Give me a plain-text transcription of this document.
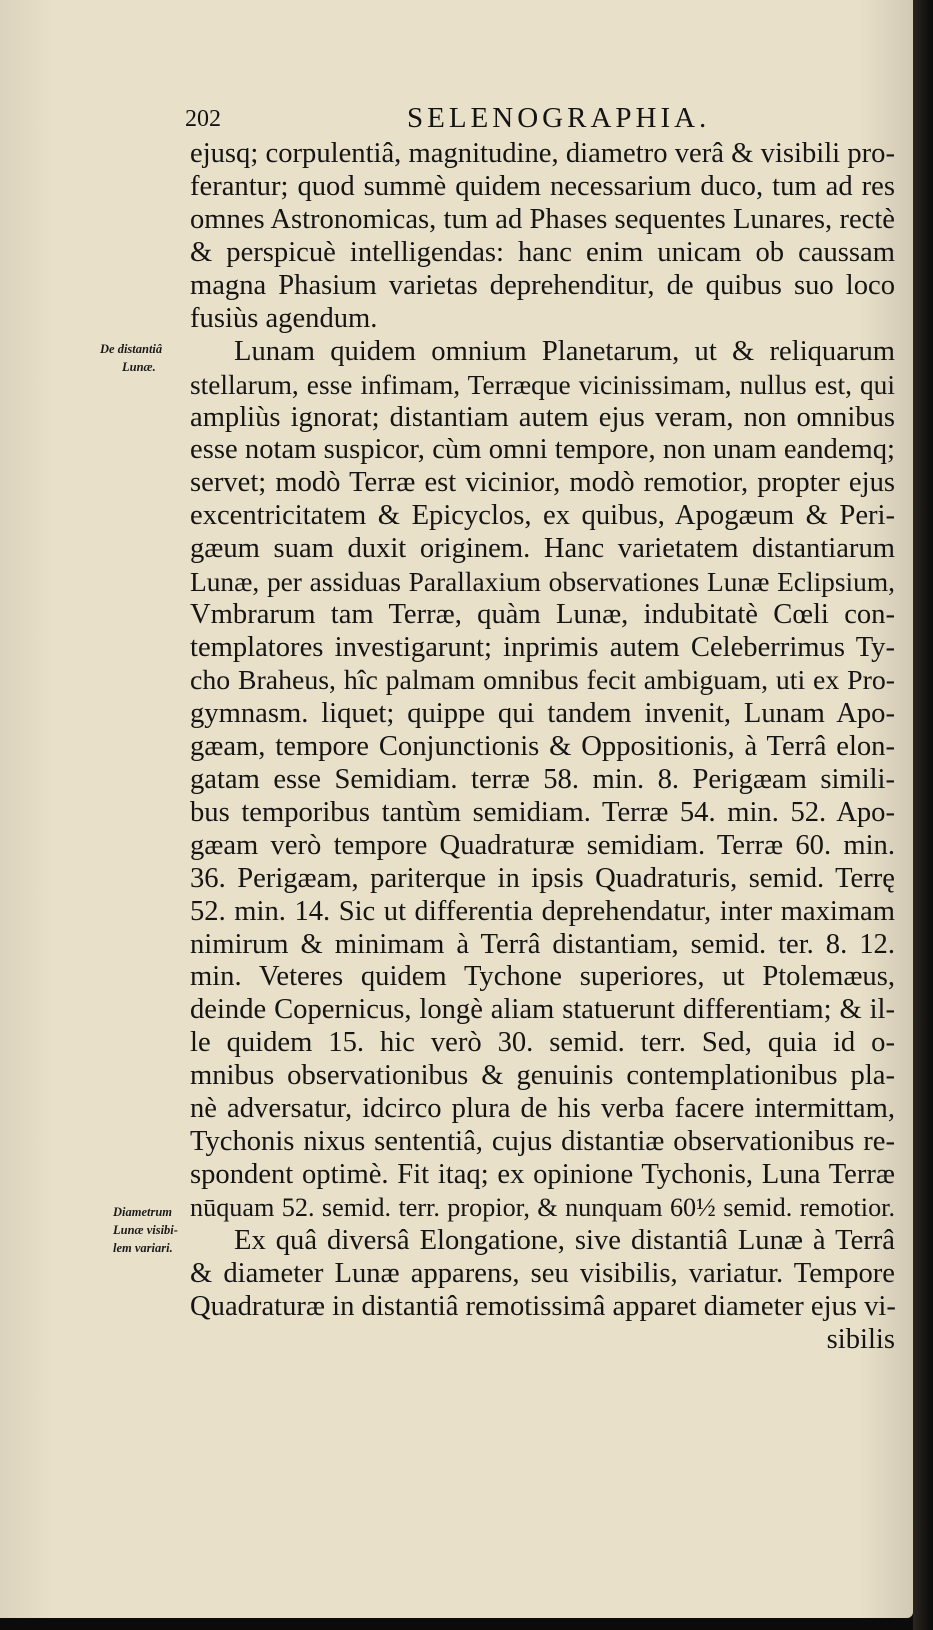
202	SELENOGRAPHIA.
De distantiâ
Lunæ.
Diametrum
Lunæ visibi-
lem variari.
ejusq; corpulentiâ, magnitudine, diametro verâ & visibili pro-
ferantur; quod summè quidem necessarium duco, tum ad res
omnes Astronomicas, tum ad Phases sequentes Lunares, rectè
& perspicuè intelligendas: hanc enim unicam ob caussam
magna Phasium varietas deprehenditur, de quibus suo loco
fusiùs agendum.
Lunam quidem omnium Planetarum, ut & reliquarum
stellarum, esse infimam, Terræque vicinissimam, nullus est, qui
ampliùs ignorat; distantiam autem ejus veram, non omnibus
esse notam suspicor, cùm omni tempore, non unam eandemq;
servet; modò Terræ est vicinior, modò remotior, propter ejus
excentricitatem & Epicyclos, ex quibus, Apogæum & Peri-
gæum suam duxit originem. Hanc varietatem distantiarum
Lunæ, per assiduas Parallaxium observationes Lunæ Eclipsium,
Vmbrarum tam Terræ, quàm Lunæ, indubitatè Cœli con-
templatores investigarunt; inprimis autem Celeberrimus Ty-
cho Braheus, hîc palmam omnibus fecit ambiguam, uti ex Pro-
gymnasm. liquet; quippe qui tandem invenit, Lunam Apo-
gæam, tempore Conjunctionis & Oppositionis, à Terrâ elon-
gatam esse Semidiam. terræ 58. min. 8. Perigæam simili-
bus temporibus tantùm semidiam. Terræ 54. min. 52. Apo-
gæam verò tempore Quadraturæ semidiam. Terræ 60. min.
36. Perigæam, pariterque in ipsis Quadraturis, semid. Terrę
52. min. 14. Sic ut differentia deprehendatur, inter maximam
nimirum & minimam à Terrâ distantiam, semid. ter. 8. 12.
min. Veteres quidem Tychone superiores, ut Ptolemæus,
deinde Copernicus, longè aliam statuerunt differentiam; & il-
le quidem 15. hic verò 30. semid. terr. Sed, quia id o-
mnibus observationibus & genuinis contemplationibus pla-
nè adversatur, idcirco plura de his verba facere intermittam,
Tychonis nixus sententiâ, cujus distantiæ observationibus re-
spondent optimè. Fit itaq; ex opinione Tychonis, Luna Terræ
nūquam 52. semid. terr. propior, & nunquam 60½ semid. remotior.
Ex quâ diversâ Elongatione, sive distantiâ Lunæ à Terrâ
& diameter Lunæ apparens, seu visibilis, variatur. Tempore
Quadraturæ in distantiâ remotissimâ apparet diameter ejus vi-
sibilis
